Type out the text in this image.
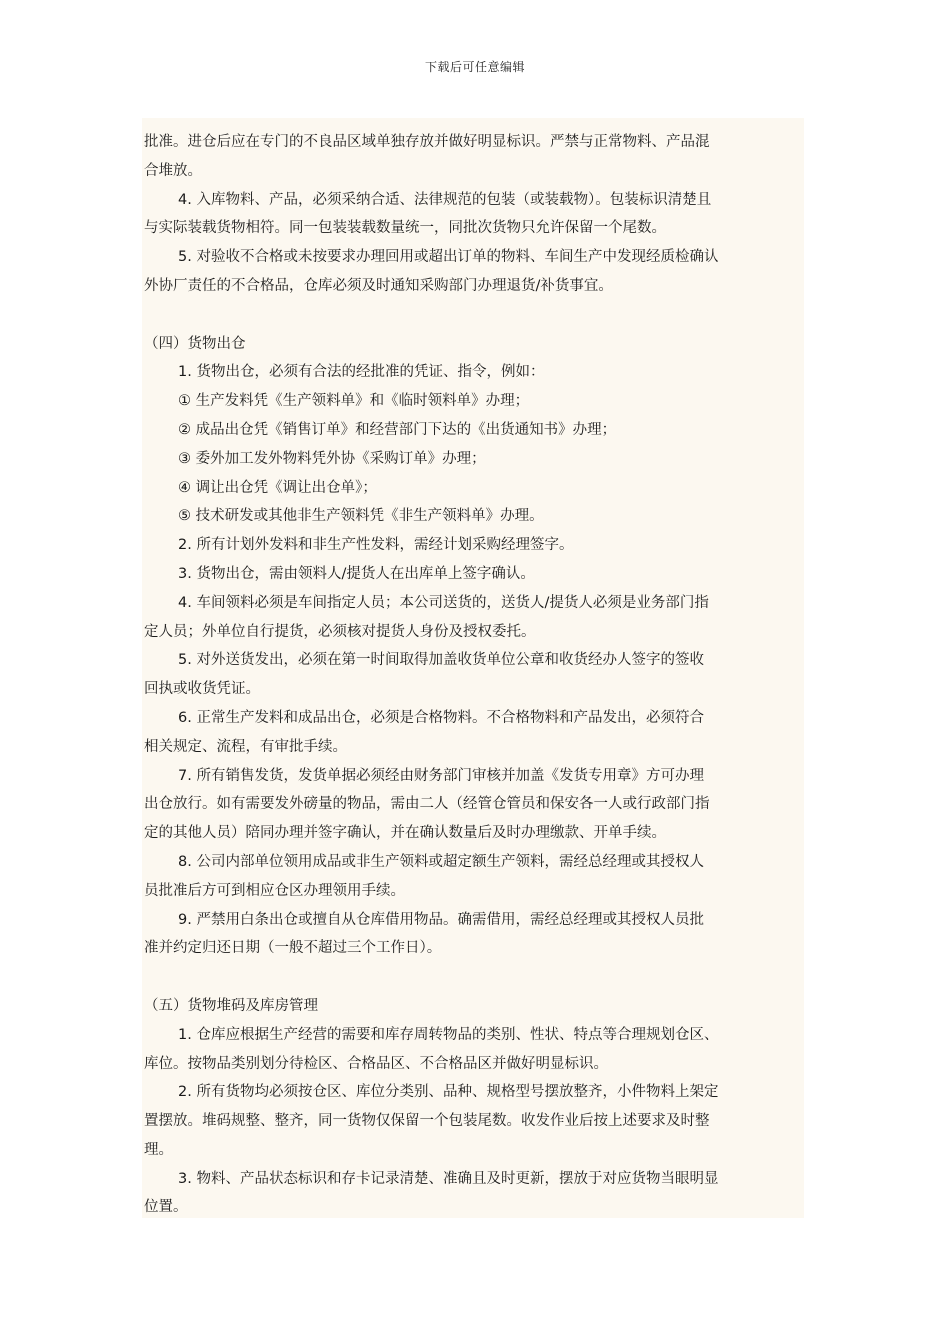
下载后可任意编辑
批准。进仓后应在专门的不良品区域单独存放并做好明显标识。严禁与正常物料、产品混
合堆放。
4. 入库物料、产品，必须采纳合适、法律规范的包装（或装载物）。包装标识清楚且
与实际装载货物相符。同一包装装载数量统一，同批次货物只允许保留一个尾数。
5. 对验收不合格或未按要求办理回用或超出订单的物料、车间生产中发现经质检确认
外协厂责任的不合格品，仓库必须及时通知采购部门办理退货/补货事宜。
（四）货物出仓
1. 货物出仓，必须有合法的经批准的凭证、指令，例如：
① 生产发料凭《生产领料单》和《临时领料单》办理；
② 成品出仓凭《销售订单》和经营部门下达的《出货通知书》办理；
③ 委外加工发外物料凭外协《采购订单》办理；
④ 调让出仓凭《调让出仓单》；
⑤ 技术研发或其他非生产领料凭《非生产领料单》办理。
2. 所有计划外发料和非生产性发料，需经计划采购经理签字。
3. 货物出仓，需由领料人/提货人在出库单上签字确认。
4. 车间领料必须是车间指定人员；本公司送货的，送货人/提货人必须是业务部门指
定人员；外单位自行提货，必须核对提货人身份及授权委托。
5. 对外送货发出，必须在第一时间取得加盖收货单位公章和收货经办人签字的签收
回执或收货凭证。
6. 正常生产发料和成品出仓，必须是合格物料。不合格物料和产品发出，必须符合
相关规定、流程，有审批手续。
7. 所有销售发货，发货单据必须经由财务部门审核并加盖《发货专用章》方可办理
出仓放行。如有需要发外磅量的物品，需由二人（经管仓管员和保安各一人或行政部门指
定的其他人员）陪同办理并签字确认，并在确认数量后及时办理缴款、开单手续。
8. 公司内部单位领用成品或非生产领料或超定额生产领料，需经总经理或其授权人
员批准后方可到相应仓区办理领用手续。
9. 严禁用白条出仓或擅自从仓库借用物品。确需借用，需经总经理或其授权人员批
准并约定归还日期（一般不超过三个工作日）。
（五）货物堆码及库房管理
1. 仓库应根据生产经营的需要和库存周转物品的类别、性状、特点等合理规划仓区、
库位。按物品类别划分待检区、合格品区、不合格品区并做好明显标识。
2. 所有货物均必须按仓区、库位分类别、品种、规格型号摆放整齐，小件物料上架定
置摆放。堆码规整、整齐，同一货物仅保留一个包装尾数。收发作业后按上述要求及时整
理。
3. 物料、产品状态标识和存卡记录清楚、准确且及时更新，摆放于对应货物当眼明显
位置。
